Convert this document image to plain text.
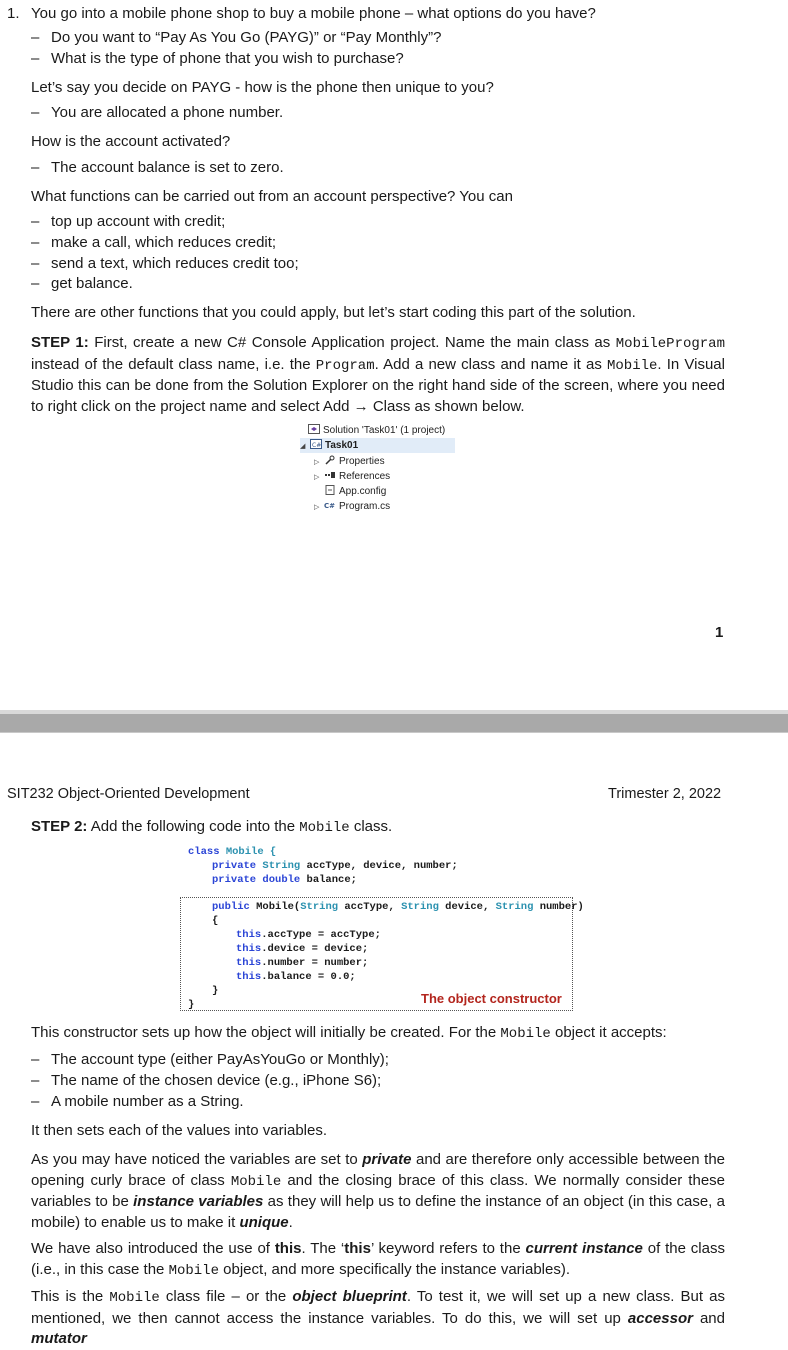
1. You go into a mobile phone shop to buy a mobile phone – what options do you have?
– Do you want to “Pay As You Go (PAYG)” or “Pay Monthly”?
– What is the type of phone that you wish to purchase?
Let’s say you decide on PAYG - how is the phone then unique to you?
– You are allocated a phone number.
How is the account activated?
– The account balance is set to zero.
What functions can be carried out from an account perspective? You can
– top up account with credit;
– make a call, which reduces credit;
– send a text, which reduces credit too;
– get balance.
There are other functions that you could apply, but let’s start coding this part of the solution.

STEP 1: First, create a new C# Console Application project. Name the main class as MobileProgram instead of the default class name, i.e. the Program. Add a new class and name it as Mobile. In Visual Studio this can be done from the Solution Explorer on the right hand side of the screen, where you need to right click on the project name and select Add → Class as shown below.

Solution 'Task01' (1 project)
◢ C# Task01
▷ Properties
▷ References
App.config
▷ C# Program.cs
1
SIT232 Object-Oriented Development	Trimester 2, 2022
STEP 2: Add the following code into the Mobile class.
class Mobile {
private String accType, device, number;
private double balance;
public Mobile(String accType, String device, String number)
{
this.accType = accType;
this.device = device;
this.number = number;
this.balance = 0.0;
}
}	The object constructor
This constructor sets up how the object will initially be created. For the Mobile object it accepts:
– The account type (either PayAsYouGo or Monthly);
– The name of the chosen device (e.g., iPhone S6);
– A mobile number as a String.
It then sets each of the values into variables.

As you may have noticed the variables are set to private and are therefore only accessible between the opening curly brace of class Mobile and the closing brace of this class. We normally consider these variables to be instance variables as they will help us to define the instance of an object (in this case, a mobile) to enable us to make it unique.

We have also introduced the use of this. The ‘this’ keyword refers to the current instance of the class (i.e., in this case the Mobile object, and more specifically the instance variables).

This is the Mobile class file – or the object blueprint. To test it, we will set up a new class. But as mentioned, we then cannot access the instance variables. To do this, we will set up accessor and mutator
